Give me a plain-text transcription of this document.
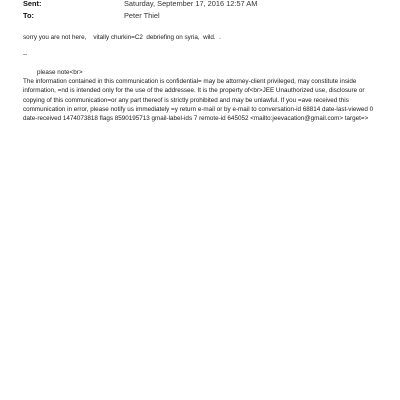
Sent:	Saturday, September 17, 2016 12:57 AM
To:	Peter Thiel
sorry you are not here,    vitally churkin=C2  debriefing on syria,  wild.  .
--
please note<br>

The information contained in this communication is confidential= may be attorney-client privileged, may constitute inside information, =nd is intended only for the use of the addressee. It is the property of<br>JEE Unauthorized use, disclosure or copying of this communication=or any part thereof is strictly prohibited and may be unlawful. If you =ave received this communication in error, please notify us immediately =y return e-mail or by e-mail to conversation-id 68814 date-last-viewed 0 date-received 1474073818 flags 8590195713 gmail-label-ids 7 remote-id 645052 <mailto:jeevacation@gmail.com> target=>
